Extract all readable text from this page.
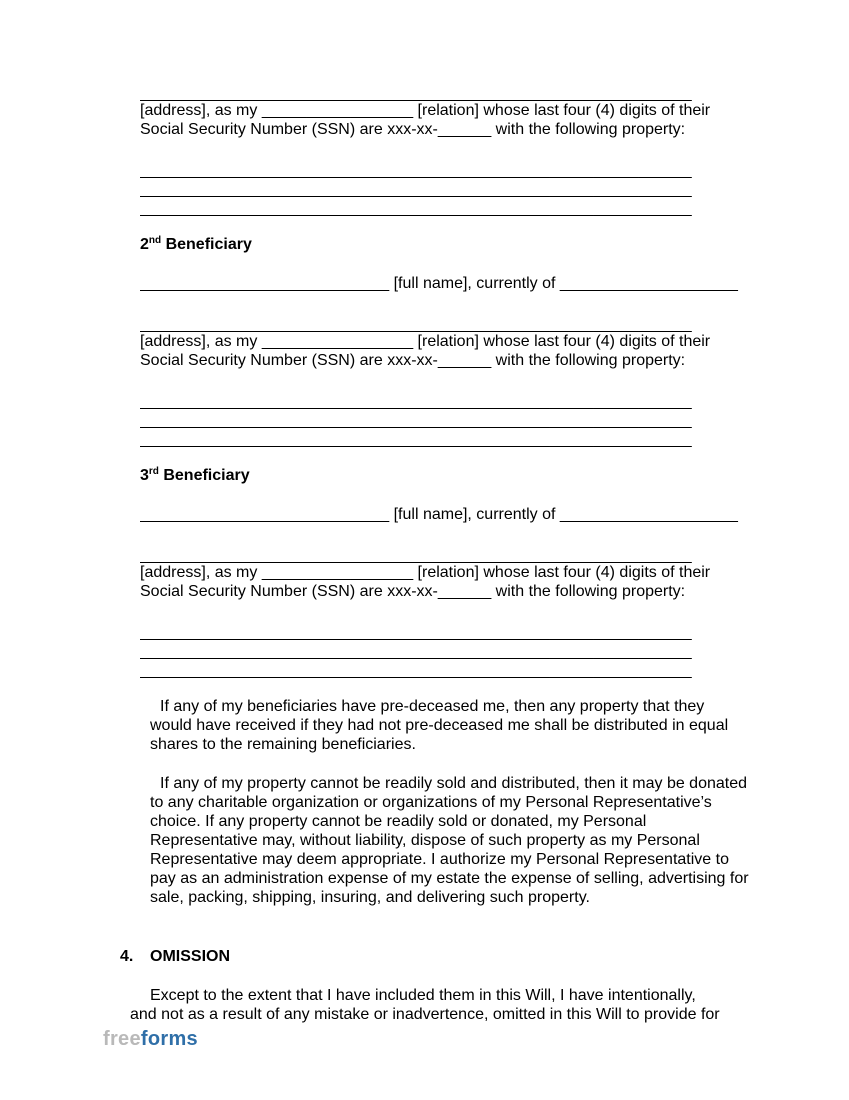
______________________________________________________________
[address], as my _________________ [relation] whose last four (4) digits of their
Social Security Number (SSN) are xxx-xx-______ with the following property:
______________________________________________________________
______________________________________________________________
______________________________________________________________
2nd Beneficiary
____________________________ [full name], currently of ____________________
______________________________________________________________
[address], as my _________________ [relation] whose last four (4) digits of their
Social Security Number (SSN) are xxx-xx-______ with the following property:
______________________________________________________________
______________________________________________________________
______________________________________________________________
3rd Beneficiary
____________________________ [full name], currently of ____________________
______________________________________________________________
[address], as my _________________ [relation] whose last four (4) digits of their
Social Security Number (SSN) are xxx-xx-______ with the following property:
______________________________________________________________
______________________________________________________________
______________________________________________________________
If any of my beneficiaries have pre-deceased me, then any property that they would have received if they had not pre-deceased me shall be distributed in equal shares to the remaining beneficiaries.
If any of my property cannot be readily sold and distributed, then it may be donated to any charitable organization or organizations of my Personal Representative’s choice. If any property cannot be readily sold or donated, my Personal Representative may, without liability, dispose of such property as my Personal Representative may deem appropriate. I authorize my Personal Representative to pay as an administration expense of my estate the expense of selling, advertising for sale, packing, shipping, insuring, and delivering such property.
4. OMISSION
Except to the extent that I have included them in this Will, I have intentionally,
and not as a result of any mistake or inadvertence, omitted in this Will to provide for
freeforms
